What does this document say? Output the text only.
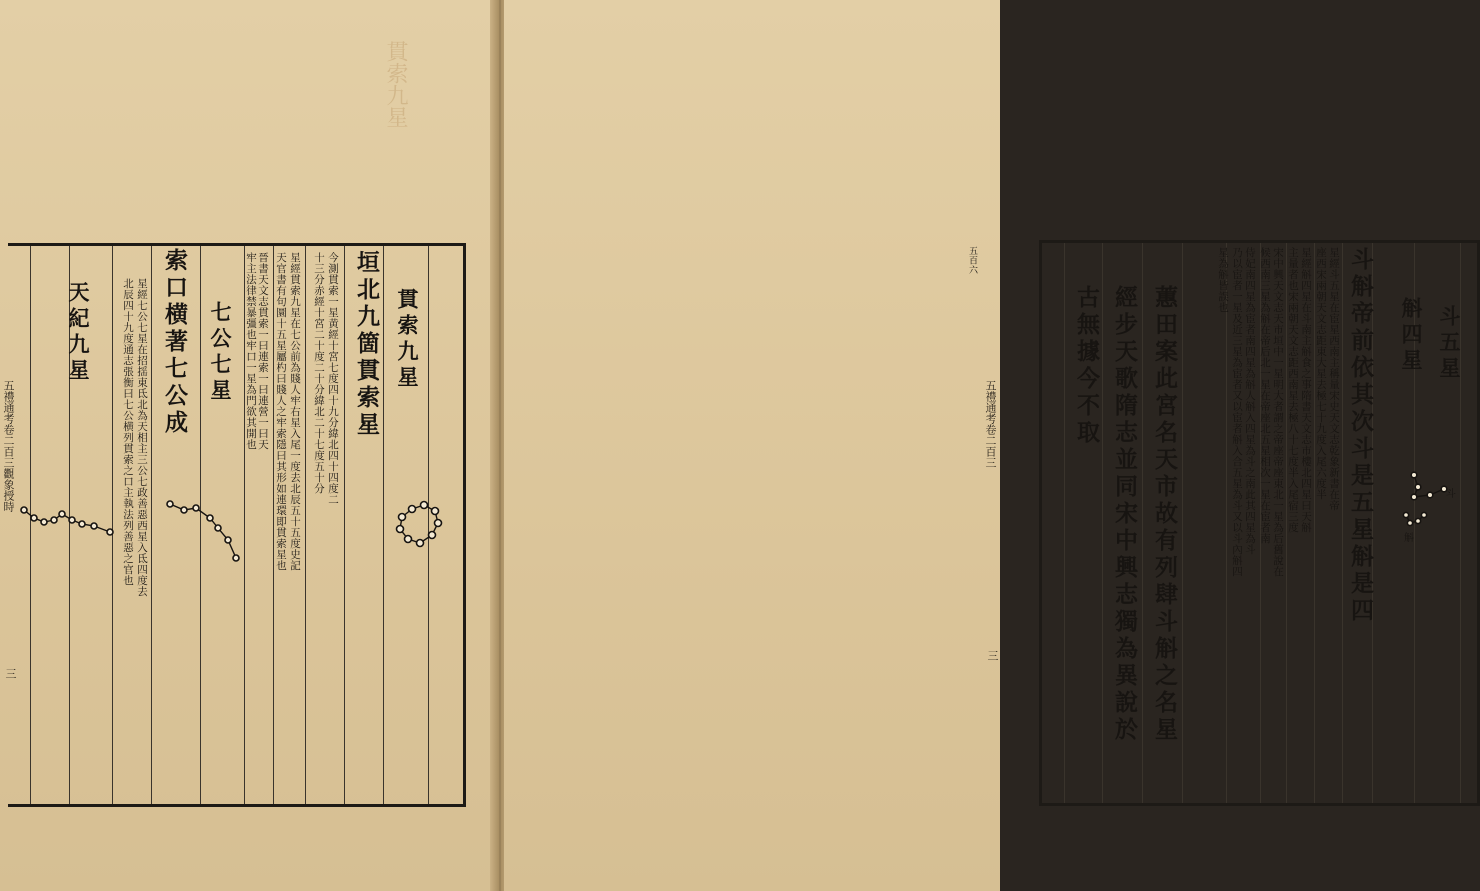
貫索九星
貫索九星
垣北九箇貫索星
今測貫索一星黄經十宮七度四十九分緯北四十四度二
十三分赤經十宮二十度二十分緯北二十七度五十分
星經貫索九星在七公前為賤人牢右星入尾一度去北辰五十五度史記
天官書有句圜十五星屬杓曰賤人之牢索隱曰其形如連環即貫索星也
晉書天文志貫索一曰連索一曰連營一曰天
牢主法律禁暴彊也牢口一星為門欲其開也
七公七星
索口横著七公成
星經七公七星在招揺東氐北為天相主三公七政善惡西星入氐四度去
北辰四十九度通志張衡曰七公横列貫索之口主執法列善惡之官也
天紀九星
五禮通考卷二百三觀象授時
三
五百六
斗五星
斛四星
斗斛帝前依其次斗是五星斛是四
星經斗五星在宦星西南主稱量宋史天文志乾象新書在帝
座西宋兩朝天文志距東大星去極七十九度入尾六度半
星經斛四星在斗南主斛食之事隋書天文志市樓北四星曰天斛
主量者也宋兩朝天文志距西南星去極八十七度半入尾宿三度
宋中興天文志天市垣中一星明大者謂之帝座帝座東北一星為后舊說在
候西南三星為斛在帝后北一星在帝座北五星相次一星在宦者南
侍妃南四星為宦者南四星為斛人斛入四星為斗之南此其四星為斗
乃以宦者一星及近三星為宦者又以宦者斛入合五星為斗又以斗內斛四
星為斛皆誤也
蕙田案此宮名天市故有列肆斗斛之名星
經步天歌隋志並同宋中興志獨為異說於
古無據今不取
斗
斛
五禮通考卷二百三
三
